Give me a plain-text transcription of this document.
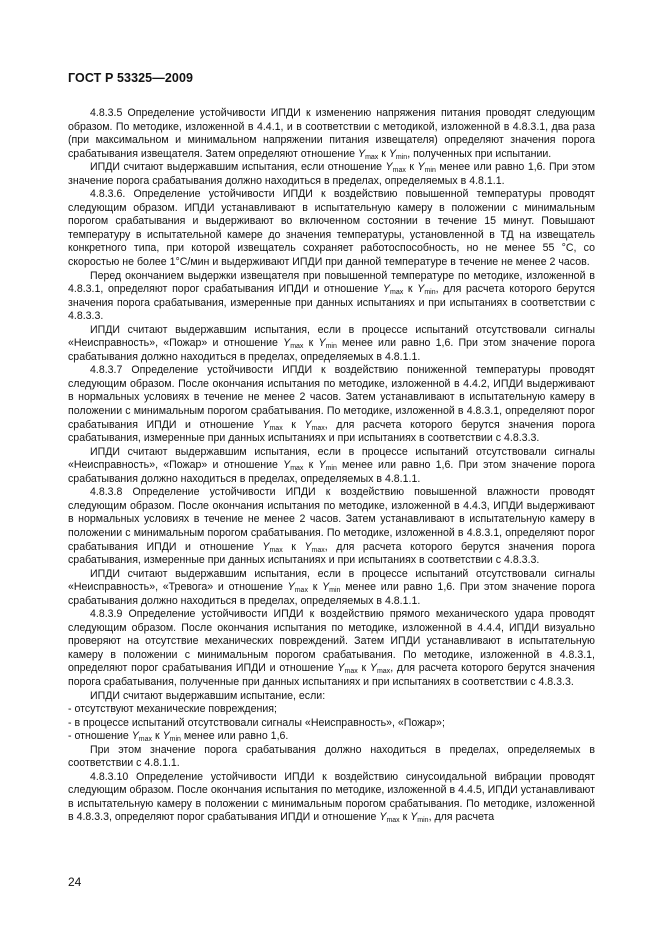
ГОСТ Р 53325—2009

4.8.3.5 Определение устойчивости ИПДИ к изменению напряжения питания проводят следующим образом. По методике, изложенной в 4.4.1, и в соответствии с методикой, изложенной в 4.8.3.1, два раза (при максимальном и минимальном напряжении питания извещателя) определяют значения порога срабатывания извещателя. Затем определяют отношение $Y_{max}$ к $Y_{min}$, полученных при испытании.

ИПДИ считают выдержавшим испытания, если отношение $Y_{max}$ к $Y_{min}$ менее или равно 1,6. При этом значение порога срабатывания должно находиться в пределах, определяемых в 4.8.1.1.

4.8.3.6. Определение устойчивости ИПДИ к воздействию повышенной температуры проводят следующим образом. ИПДИ устанавливают в испытательную камеру в положении с минимальным порогом срабатывания и выдерживают во включенном состоянии в течение 15 минут. Повышают температуру в испытательной камере до значения температуры, установленной в ТД на извещатель конкретного типа, при которой извещатель сохраняет работоспособность, но не менее 55 °С, со скоростью не более 1°С/мин и выдерживают ИПДИ при данной температуре в течение не менее 2 часов.

Перед окончанием выдержки извещателя при повышенной температуре по методике, изложенной в 4.8.3.1, определяют порог срабатывания ИПДИ и отношение $Y_{max}$ к $Y_{min}$, для расчета которого берутся значения порога срабатывания, измеренные при данных испытаниях и при испытаниях в соответствии с 4.8.3.3.

ИПДИ считают выдержавшим испытания, если в процессе испытаний отсутствовали сигналы «Неисправность», «Пожар» и отношение $Y_{max}$ к $Y_{min}$ менее или равно 1,6. При этом значение порога срабатывания должно находиться в пределах, определяемых в 4.8.1.1.

4.8.3.7 Определение устойчивости ИПДИ к воздействию пониженной температуры проводят следующим образом. После окончания испытания по методике, изложенной в 4.4.2, ИПДИ выдерживают в нормальных условиях в течение не менее 2 часов. Затем устанавливают в испытательную камеру в положении с минимальным порогом срабатывания. По методике, изложенной в 4.8.3.1, определяют порог срабатывания ИПДИ и отношение $Y_{max}$ к $Y_{max}$, для расчета которого берутся значения порога срабатывания, измеренные при данных испытаниях и при испытаниях в соответствии с 4.8.3.3.

ИПДИ считают выдержавшим испытания, если в процессе испытаний отсутствовали сигналы «Неисправность», «Пожар» и отношение $Y_{max}$ к $Y_{min}$ менее или равно 1,6. При этом значение порога срабатывания должно находиться в пределах, определяемых в 4.8.1.1.

4.8.3.8 Определение устойчивости ИПДИ к воздействию повышенной влажности проводят следующим образом. После окончания испытания по методике, изложенной в 4.4.3, ИПДИ выдерживают в нормальных условиях в течение не менее 2 часов. Затем устанавливают в испытательную камеру в положении с минимальным порогом срабатывания. По методике, изложенной в 4.8.3.1, определяют порог срабатывания ИПДИ и отношение $Y_{max}$ к $Y_{max}$, для расчета которого берутся значения порога срабатывания, измеренные при данных испытаниях и при испытаниях в соответствии с 4.8.3.3.

ИПДИ считают выдержавшим испытания, если в процессе испытаний отсутствовали сигналы «Неисправность», «Тревога» и отношение $Y_{max}$ к $Y_{min}$ менее или равно 1,6. При этом значение порога срабатывания должно находиться в пределах, определяемых в 4.8.1.1.

4.8.3.9 Определение устойчивости ИПДИ к воздействию прямого механического удара проводят следующим образом. После окончания испытания по методике, изложенной в 4.4.4, ИПДИ визуально проверяют на отсутствие механических повреждений. Затем ИПДИ устанавливают в испытательную камеру в положении с минимальным порогом срабатывания. По методике, изложенной в 4.8.3.1, определяют порог срабатывания ИПДИ и отношение $Y_{max}$ к $Y_{max}$, для расчета которого берутся значения порога срабатывания, полученные при данных испытаниях и при испытаниях в соответствии с 4.8.3.3.

ИПДИ считают выдержавшим испытание, если:

- отсутствуют механические повреждения;

- в процессе испытаний отсутствовали сигналы «Неисправность», «Пожар»;

- отношение $Y_{max}$ к $Y_{min}$ менее или равно 1,6.

При этом значение порога срабатывания должно находиться в пределах, определяемых в соответствии с 4.8.1.1.

4.8.3.10 Определение устойчивости ИПДИ к воздействию синусоидальной вибрации проводят следующим образом. После окончания испытания по методике, изложенной в 4.4.5, ИПДИ устанавливают в испытательную камеру в положении с минимальным порогом срабатывания. По методике, изложенной в 4.8.3.3, определяют порог срабатывания ИПДИ и отношение $Y_{max}$ к $Y_{min}$, для расчета

24
